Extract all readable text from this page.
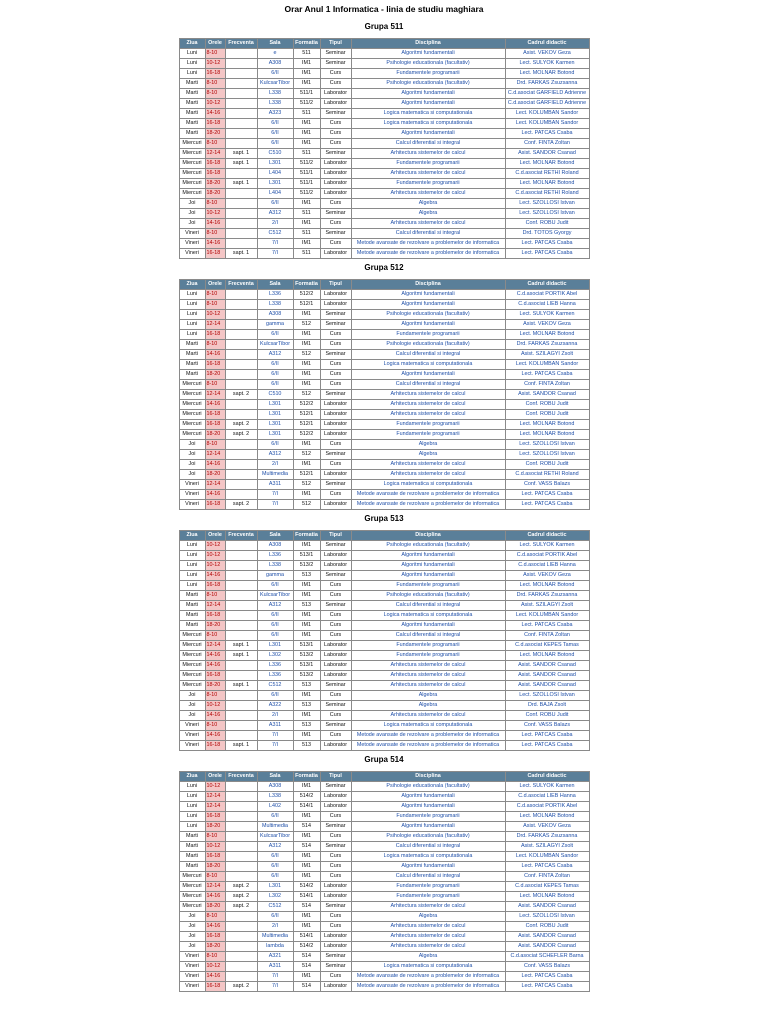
Orar Anul 1 Informatica - linia de studiu maghiara
Grupa 511
Ziua	Orele	Frecventa	Sala	Formatia	Tipul	Disciplina	Cadrul didactic
Luni	8-10		e	511	Seminar	Algoritmi fundamentali	Asist. VEKOV Geza
Luni	10-12		A308	IM1	Seminar	Psihologie educationala (facultativ)	Lect. SULYOK Karmen
Luni	16-18		6/II	IM1	Curs	Fundamentele programarii	Lect. MOLNAR Botond
Marti	8-10		KulcsarTibor	IM1	Curs	Psihologie educationala (facultativ)	Drd. FARKAS Zsuzsanna
Marti	8-10		L338	511/1	Laborator	Algoritmi fundamentali	C.d.asociat GARFIELD Adrienne
Marti	10-12		L338	511/2	Laborator	Algoritmi fundamentali	C.d.asociat GARFIELD Adrienne
Marti	14-16		A323	511	Seminar	Logica matematica si computationala	Lect. KOLUMBAN Sandor
Marti	16-18		6/II	IM1	Curs	Logica matematica si computationala	Lect. KOLUMBAN Sandor
Marti	18-20		6/II	IM1	Curs	Algoritmi fundamentali	Lect. PATCAS Csaba
Miercuri	8-10		6/II	IM1	Curs	Calcul diferential si integral	Conf. FINTA Zoltan
Miercuri	12-14	sapt. 1	C510	511	Seminar	Arhitectura sistemelor de calcul	Asist. SANDOR Csanad
Miercuri	16-18	sapt. 1	L301	511/2	Laborator	Fundamentele programarii	Lect. MOLNAR Botond
Miercuri	16-18		L404	511/1	Laborator	Arhitectura sistemelor de calcul	C.d.asociat RETHI Roland
Miercuri	18-20	sapt. 1	L301	511/1	Laborator	Fundamentele programarii	Lect. MOLNAR Botond
Miercuri	18-20		L404	511/2	Laborator	Arhitectura sistemelor de calcul	C.d.asociat RETHI Roland
Joi	8-10		6/II	IM1	Curs	Algebra	Lect. SZOLLOSI Istvan
Joi	10-12		A312	511	Seminar	Algebra	Lect. SZOLLOSI Istvan
Joi	14-16		2/I	IM1	Curs	Arhitectura sistemelor de calcul	Conf. ROBU Judit
Vineri	8-10		C512	511	Seminar	Calcul diferential si integral	Drd. TOTOS Gyorgy
Vineri	14-16		7/I	IM1	Curs	Metode avansate de rezolvare a problemelor de informatica	Lect. PATCAS Csaba
Vineri	16-18	sapt. 1	7/I	511	Laborator	Metode avansate de rezolvare a problemelor de informatica	Lect. PATCAS Csaba
Grupa 512
Ziua	Orele	Frecventa	Sala	Formatia	Tipul	Disciplina	Cadrul didactic
Luni	8-10		L336	512/2	Laborator	Algoritmi fundamentali	C.d.asociat PORTIK Abel
Luni	8-10		L338	512/1	Laborator	Algoritmi fundamentali	C.d.asociat LIEB Hanna
Luni	10-12		A308	IM1	Seminar	Psihologie educationala (facultativ)	Lect. SULYOK Karmen
Luni	12-14		gamma	512	Seminar	Algoritmi fundamentali	Asist. VEKOV Geza
Luni	16-18		6/II	IM1	Curs	Fundamentele programarii	Lect. MOLNAR Botond
Marti	8-10		KulcsarTibor	IM1	Curs	Psihologie educationala (facultativ)	Drd. FARKAS Zsuzsanna
Marti	14-16		A312	512	Seminar	Calcul diferential si integral	Asist. SZILAGYI Zsolt
Marti	16-18		6/II	IM1	Curs	Logica matematica si computationala	Lect. KOLUMBAN Sandor
Marti	18-20		6/II	IM1	Curs	Algoritmi fundamentali	Lect. PATCAS Csaba
Miercuri	8-10		6/II	IM1	Curs	Calcul diferential si integral	Conf. FINTA Zoltan
Miercuri	12-14	sapt. 2	C510	512	Seminar	Arhitectura sistemelor de calcul	Asist. SANDOR Csanad
Miercuri	14-16		L301	512/2	Laborator	Arhitectura sistemelor de calcul	Conf. ROBU Judit
Miercuri	16-18		L301	512/1	Laborator	Arhitectura sistemelor de calcul	Conf. ROBU Judit
Miercuri	16-18	sapt. 2	L301	512/1	Laborator	Fundamentele programarii	Lect. MOLNAR Botond
Miercuri	18-20	sapt. 2	L301	512/2	Laborator	Fundamentele programarii	Lect. MOLNAR Botond
Joi	8-10		6/II	IM1	Curs	Algebra	Lect. SZOLLOSI Istvan
Joi	12-14		A312	512	Seminar	Algebra	Lect. SZOLLOSI Istvan
Joi	14-16		2/I	IM1	Curs	Arhitectura sistemelor de calcul	Conf. ROBU Judit
Joi	18-20		Multimedia	512/1	Laborator	Arhitectura sistemelor de calcul	C.d.asociat RETHI Roland
Vineri	12-14		A311	512	Seminar	Logica matematica si computationala	Conf. VASS Balazs
Vineri	14-16		7/I	IM1	Curs	Metode avansate de rezolvare a problemelor de informatica	Lect. PATCAS Csaba
Vineri	16-18	sapt. 2	7/I	512	Laborator	Metode avansate de rezolvare a problemelor de informatica	Lect. PATCAS Csaba
Grupa 513
Ziua	Orele	Frecventa	Sala	Formatia	Tipul	Disciplina	Cadrul didactic
Luni	10-12		A308	IM1	Seminar	Psihologie educationala (facultativ)	Lect. SULYOK Karmen
Luni	10-12		L336	513/1	Laborator	Algoritmi fundamentali	C.d.asociat PORTIK Abel
Luni	10-12		L338	513/2	Laborator	Algoritmi fundamentali	C.d.asociat LIEB Hanna
Luni	14-16		gamma	513	Seminar	Algoritmi fundamentali	Asist. VEKOV Geza
Luni	16-18		6/II	IM1	Curs	Fundamentele programarii	Lect. MOLNAR Botond
Marti	8-10		KulcsarTibor	IM1	Curs	Psihologie educationala (facultativ)	Drd. FARKAS Zsuzsanna
Marti	12-14		A312	513	Seminar	Calcul diferential si integral	Asist. SZILAGYI Zsolt
Marti	16-18		6/II	IM1	Curs	Logica matematica si computationala	Lect. KOLUMBAN Sandor
Marti	18-20		6/II	IM1	Curs	Algoritmi fundamentali	Lect. PATCAS Csaba
Miercuri	8-10		6/II	IM1	Curs	Calcul diferential si integral	Conf. FINTA Zoltan
Miercuri	12-14	sapt. 1	L301	513/1	Laborator	Fundamentele programarii	C.d.asociat KEPES Tamas
Miercuri	14-16	sapt. 1	L302	513/2	Laborator	Fundamentele programarii	Lect. MOLNAR Botond
Miercuri	14-16		L336	513/1	Laborator	Arhitectura sistemelor de calcul	Asist. SANDOR Csanad
Miercuri	16-18		L336	513/2	Laborator	Arhitectura sistemelor de calcul	Asist. SANDOR Csanad
Miercuri	18-20	sapt. 1	C512	513	Seminar	Arhitectura sistemelor de calcul	Asist. SANDOR Csanad
Joi	8-10		6/II	IM1	Curs	Algebra	Lect. SZOLLOSI Istvan
Joi	10-12		A322	513	Seminar	Algebra	Drd. BAJA Zsolt
Joi	14-16		2/I	IM1	Curs	Arhitectura sistemelor de calcul	Conf. ROBU Judit
Vineri	8-10		A311	513	Seminar	Logica matematica si computationala	Conf. VASS Balazs
Vineri	14-16		7/I	IM1	Curs	Metode avansate de rezolvare a problemelor de informatica	Lect. PATCAS Csaba
Vineri	16-18	sapt. 1	7/I	513	Laborator	Metode avansate de rezolvare a problemelor de informatica	Lect. PATCAS Csaba
Grupa 514
Ziua	Orele	Frecventa	Sala	Formatia	Tipul	Disciplina	Cadrul didactic
Luni	10-12		A308	IM1	Seminar	Psihologie educationala (facultativ)	Lect. SULYOK Karmen
Luni	12-14		L338	514/2	Laborator	Algoritmi fundamentali	C.d.asociat LIEB Hanna
Luni	12-14		L402	514/1	Laborator	Algoritmi fundamentali	C.d.asociat PORTIK Abel
Luni	16-18		6/II	IM1	Curs	Fundamentele programarii	Lect. MOLNAR Botond
Luni	18-20		Multimedia	514	Seminar	Algoritmi fundamentali	Asist. VEKOV Geza
Marti	8-10		KulcsarTibor	IM1	Curs	Psihologie educationala (facultativ)	Drd. FARKAS Zsuzsanna
Marti	10-12		A312	514	Seminar	Calcul diferential si integral	Asist. SZILAGYI Zsolt
Marti	16-18		6/II	IM1	Curs	Logica matematica si computationala	Lect. KOLUMBAN Sandor
Marti	18-20		6/II	IM1	Curs	Algoritmi fundamentali	Lect. PATCAS Csaba
Miercuri	8-10		6/II	IM1	Curs	Calcul diferential si integral	Conf. FINTA Zoltan
Miercuri	12-14	sapt. 2	L301	514/2	Laborator	Fundamentele programarii	C.d.asociat KEPES Tamas
Miercuri	14-16	sapt. 2	L302	514/1	Laborator	Fundamentele programarii	Lect. MOLNAR Botond
Miercuri	18-20	sapt. 2	C512	514	Seminar	Arhitectura sistemelor de calcul	Asist. SANDOR Csanad
Joi	8-10		6/II	IM1	Curs	Algebra	Lect. SZOLLOSI Istvan
Joi	14-16		2/I	IM1	Curs	Arhitectura sistemelor de calcul	Conf. ROBU Judit
Joi	16-18		Multimedia	514/1	Laborator	Arhitectura sistemelor de calcul	Asist. SANDOR Csanad
Joi	18-20		lambda	514/2	Laborator	Arhitectura sistemelor de calcul	Asist. SANDOR Csanad
Vineri	8-10		A321	514	Seminar	Algebra	C.d.asociat SCHEFLER Barna
Vineri	10-12		A311	514	Seminar	Logica matematica si computationala	Conf. VASS Balazs
Vineri	14-16		7/I	IM1	Curs	Metode avansate de rezolvare a problemelor de informatica	Lect. PATCAS Csaba
Vineri	16-18	sapt. 2	7/I	514	Laborator	Metode avansate de rezolvare a problemelor de informatica	Lect. PATCAS Csaba
